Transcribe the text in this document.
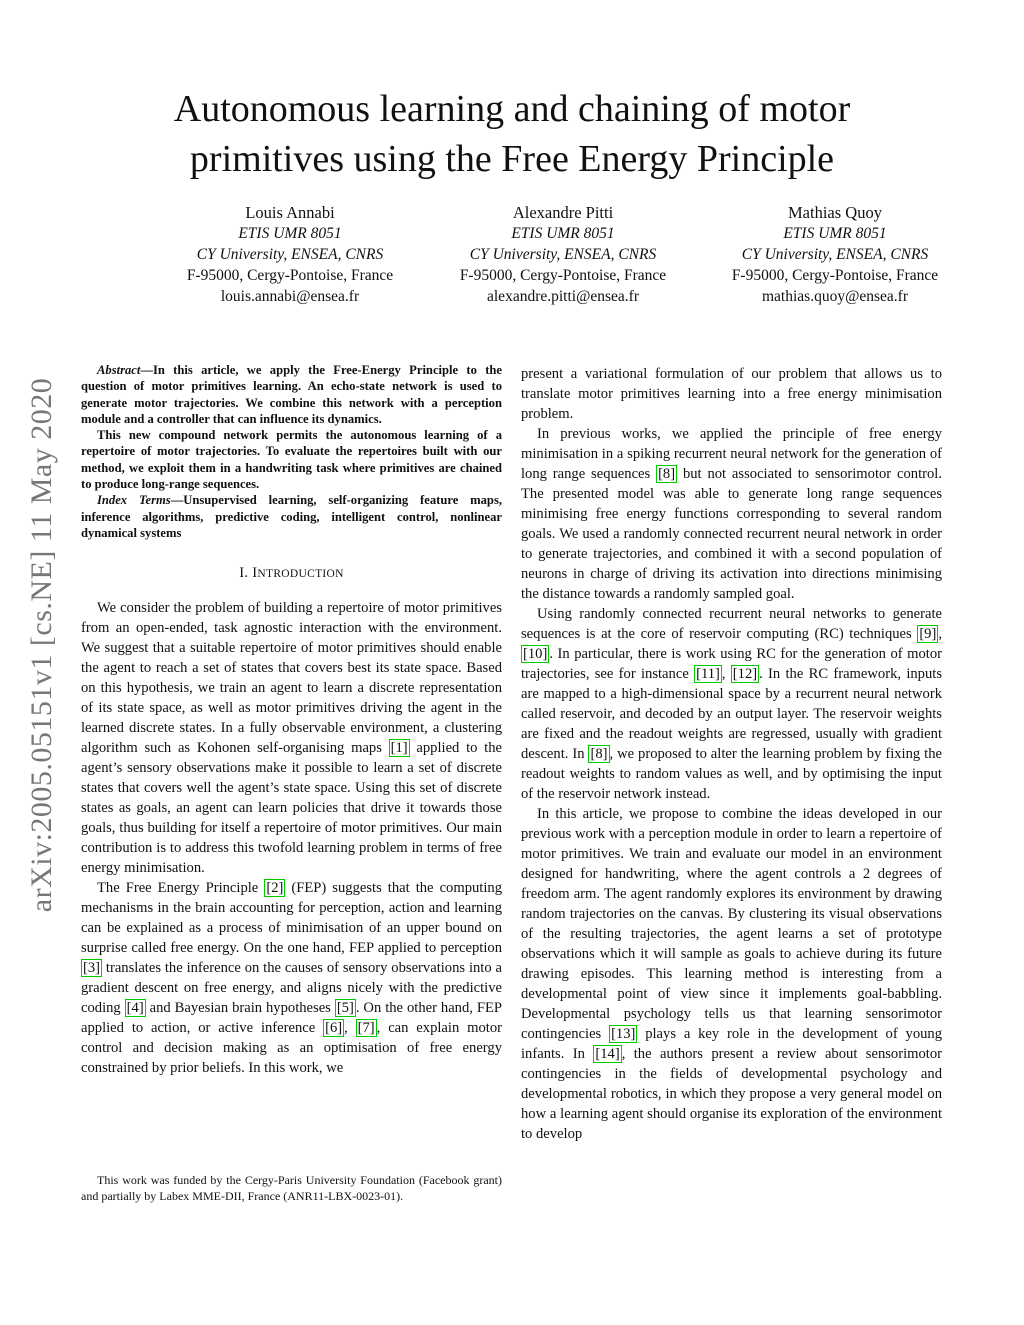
Autonomous learning and chaining of motor primitives using the Free Energy Principle
Louis Annabi
ETIS UMR 8051
CY University, ENSEA, CNRS
F-95000, Cergy-Pontoise, France
louis.annabi@ensea.fr
Alexandre Pitti
ETIS UMR 8051
CY University, ENSEA, CNRS
F-95000, Cergy-Pontoise, France
alexandre.pitti@ensea.fr
Mathias Quoy
ETIS UMR 8051
CY University, ENSEA, CNRS
F-95000, Cergy-Pontoise, France
mathias.quoy@ensea.fr
arXiv:2005.05151v1 [cs.NE] 11 May 2020

Abstract—In this article, we apply the Free-Energy Principle to the question of motor primitives learning. An echo-state network is used to generate motor trajectories. We combine this network with a perception module and a controller that can influence its dynamics.

This new compound network permits the autonomous learning of a repertoire of motor trajectories. To evaluate the repertoires built with our method, we exploit them in a handwriting task where primitives are chained to produce long-range sequences.

Index Terms—Unsupervised learning, self-organizing feature maps, inference algorithms, predictive coding, intelligent control, nonlinear dynamical systems

I. INTRODUCTION

We consider the problem of building a repertoire of motor primitives from an open-ended, task agnostic interaction with the environment. We suggest that a suitable repertoire of motor primitives should enable the agent to reach a set of states that covers best its state space. Based on this hypothesis, we train an agent to learn a discrete representation of its state space, as well as motor primitives driving the agent in the learned discrete states. In a fully observable environment, a clustering algorithm such as Kohonen self-organising maps [1] applied to the agent’s sensory observations make it possible to learn a set of discrete states that covers well the agent’s state space. Using this set of discrete states as goals, an agent can learn policies that drive it towards those goals, thus building for itself a repertoire of motor primitives. Our main contribution is to address this twofold learning problem in terms of free energy minimisation.

The Free Energy Principle [2] (FEP) suggests that the computing mechanisms in the brain accounting for perception, action and learning can be explained as a process of minimisation of an upper bound on surprise called free energy. On the one hand, FEP applied to perception [3] translates the inference on the causes of sensory observations into a gradient descent on free energy, and aligns nicely with the predictive coding [4] and Bayesian brain hypotheses [5] . On the other hand, FEP applied to action, or active inference [6] , [7] , can explain motor control and decision making as an optimisation of free energy constrained by prior beliefs. In this work, we

This work was funded by the Cergy-Paris University Foundation (Facebook grant) and partially by Labex MME-DII, France (ANR11-LBX-0023-01).

present a variational formulation of our problem that allows us to translate motor primitives learning into a free energy minimisation problem.

In previous works, we applied the principle of free energy minimisation in a spiking recurrent neural network for the generation of long range sequences [8] but not associated to sensorimotor control. The presented model was able to generate long range sequences minimising free energy functions corresponding to several random goals. We used a randomly connected recurrent neural network in order to generate trajectories, and combined it with a second population of neurons in charge of driving its activation into directions minimising the distance towards a randomly sampled goal.

Using randomly connected recurrent neural networks to generate sequences is at the core of reservoir computing (RC) techniques [9] , [10] . In particular, there is work using RC for the generation of motor trajectories, see for instance [11] , [12] . In the RC framework, inputs are mapped to a high-dimensional space by a recurrent neural network called reservoir, and decoded by an output layer. The reservoir weights are fixed and the readout weights are regressed, usually with gradient descent. In [8] , we proposed to alter the learning problem by fixing the readout weights to random values as well, and by optimising the input of the reservoir network instead.

In this article, we propose to combine the ideas developed in our previous work with a perception module in order to learn a repertoire of motor primitives. We train and evaluate our model in an environment designed for handwriting, where the agent controls a 2 degrees of freedom arm. The agent randomly explores its environment by drawing random trajectories on the canvas. By clustering its visual observations of the resulting trajectories, the agent learns a set of prototype observations which it will sample as goals to achieve during its future drawing episodes. This learning method is interesting from a developmental point of view since it implements goal-babbling. Developmental psychology tells us that learning sensorimotor contingencies [13] plays a key role in the development of young infants. In [14] , the authors present a review about sensorimotor contingencies in the fields of developmental psychology and developmental robotics, in which they propose a very general model on how a learning agent should organise its exploration of the environment to develop
